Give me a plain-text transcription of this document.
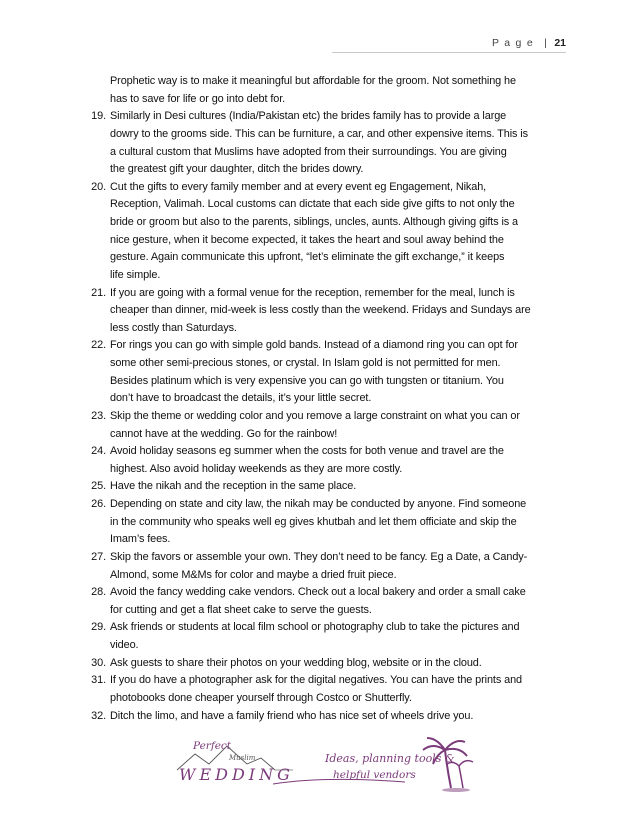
P a g e | 21
Prophetic way is to make it meaningful but affordable for the groom. Not something he
has to save for life or go into debt for.
19. Similarly in Desi cultures (India/Pakistan etc) the brides family has to provide a large
dowry to the grooms side. This can be furniture, a car, and other expensive items. This is
a cultural custom that Muslims have adopted from their surroundings. You are giving
the greatest gift your daughter, ditch the brides dowry.
20. Cut the gifts to every family member and at every event eg Engagement, Nikah,
Reception, Valimah. Local customs can dictate that each side give gifts to not only the
bride or groom but also to the parents, siblings, uncles, aunts. Although giving gifts is a
nice gesture, when it become expected, it takes the heart and soul away behind the
gesture. Again communicate this upfront, “let’s eliminate the gift exchange,” it keeps
life simple.
21. If you are going with a formal venue for the reception, remember for the meal, lunch is
cheaper than dinner, mid-week is less costly than the weekend. Fridays and Sundays are
less costly than Saturdays.
22. For rings you can go with simple gold bands. Instead of a diamond ring you can opt for
some other semi-precious stones, or crystal. In Islam gold is not permitted for men.
Besides platinum which is very expensive you can go with tungsten or titanium. You
don’t have to broadcast the details, it’s your little secret.
23. Skip the theme or wedding color and you remove a large constraint on what you can or
cannot have at the wedding. Go for the rainbow!
24. Avoid holiday seasons eg summer when the costs for both venue and travel are the
highest. Also avoid holiday weekends as they are more costly.
25. Have the nikah and the reception in the same place.
26. Depending on state and city law, the nikah may be conducted by anyone. Find someone
in the community who speaks well eg gives khutbah and let them officiate and skip the
Imam’s fees.
27. Skip the favors or assemble your own. They don’t need to be fancy. Eg a Date, a Candy-
Almond, some M&Ms for color and maybe a dried fruit piece.
28. Avoid the fancy wedding cake vendors. Check out a local bakery and order a small cake
for cutting and get a flat sheet cake to serve the guests.
29. Ask friends or students at local film school or photography club to take the pictures and
video.
30. Ask guests to share their photos on your wedding blog, website or in the cloud.
31. If you do have a photographer ask for the digital negatives. You can have the prints and
photobooks done cheaper yourself through Costco or Shutterfly.
32. Ditch the limo, and have a family friend who has nice set of wheels drive you.
Perfect
Muslim
WEDDING
Ideas, planning tools &
helpful vendors
